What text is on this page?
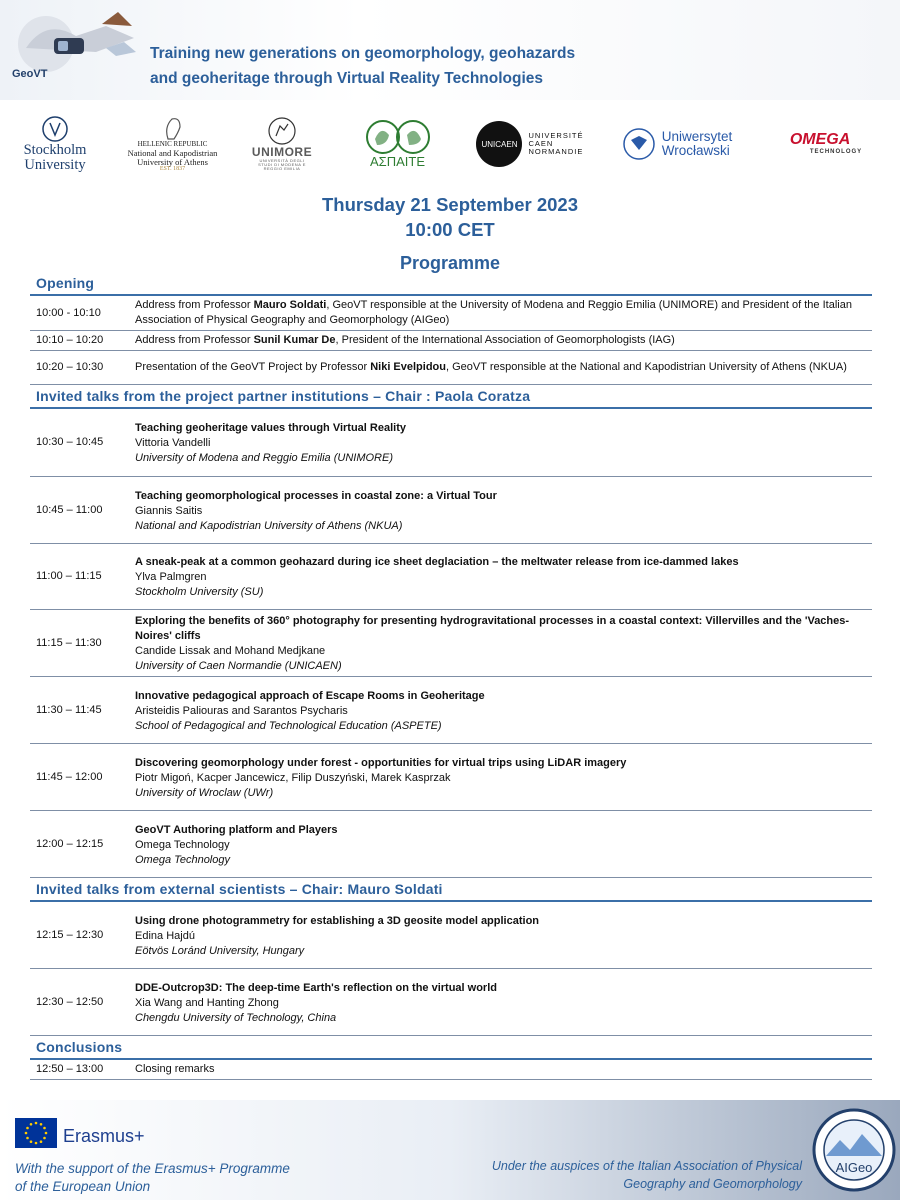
GeoVT
Training new generations on geomorphology, geohazards
and geoheritage through Virtual Reality Technologies
Stockholm University
HELLENIC REPUBLIC
National and Kapodistrian
University of Athens
EST. 1837
UNIMORE
UNIVERSITÀ DEGLI STUDI DI MODENA E REGGIO EMILIA	ΑΣΠΑΙΤΕ
UNICAEN
UNIVERSITÉ
CAEN
NORMANDIE
Uniwersytet
Wrocławski
OMEGA
TECHNOLOGY
Thursday 21 September 2023
10:00 CET
Programme
Opening
10:00 - 10:10
Address from Professor Mauro Soldati, GeoVT responsible at the University of Modena and Reggio Emilia (UNIMORE) and President of the Italian Association of Physical Geography and Geomorphology (AIGeo)
10:10 – 10:20	Address from Professor Sunil Kumar De, President of the International Association of Geomorphologists (IAG)
10:20 – 10:30	Presentation of the GeoVT Project by Professor Niki Evelpidou, GeoVT responsible at the National and Kapodistrian University of Athens (NKUA)
Invited talks from the project partner institutions – Chair : Paola Coratza
10:30 – 10:45
Teaching geoheritage values through Virtual Reality
Vittoria Vandelli
University of Modena and Reggio Emilia (UNIMORE)
10:45 – 11:00
Teaching geomorphological processes in coastal zone: a Virtual Tour
Giannis Saitis
National and Kapodistrian University of Athens (NKUA)
11:00 – 11:15
A sneak-peak at a common geohazard during ice sheet deglaciation – the meltwater release from ice-dammed lakes
Ylva Palmgren
Stockholm University (SU)
11:15 – 11:30
Exploring the benefits of 360° photography for presenting hydrogravitational processes in a coastal context: Villervilles and the 'Vaches-Noires' cliffs
Candide Lissak and Mohand Medjkane
University of Caen Normandie (UNICAEN)
11:30 – 11:45
Innovative pedagogical approach of Escape Rooms in Geoheritage
Aristeidis Paliouras and Sarantos Psycharis
School of Pedagogical and Technological Education (ASPETE)
11:45 – 12:00
Discovering geomorphology under forest - opportunities for virtual trips using LiDAR imagery
Piotr Migoń, Kacper Jancewicz, Filip Duszyński, Marek Kasprzak
University of Wroclaw (UWr)
12:00 – 12:15
GeoVT Authoring platform and Players
Omega Technology
Omega Technology
Invited talks from external scientists – Chair: Mauro Soldati
12:15 – 12:30
Using drone photogrammetry for establishing a 3D geosite model application
Edina Hajdú
Eötvös Loránd University, Hungary
12:30 – 12:50
DDE-Outcrop3D: The deep-time Earth's reflection on the virtual world
Xia Wang and Hanting Zhong
Chengdu University of Technology, China
Conclusions
12:50 – 13:00	Closing remarks
Erasmus+
With the support of the Erasmus+ Programme
of the European Union
Under the auspices of the Italian Association of Physical
Geography and Geomorphology
AIGeo
